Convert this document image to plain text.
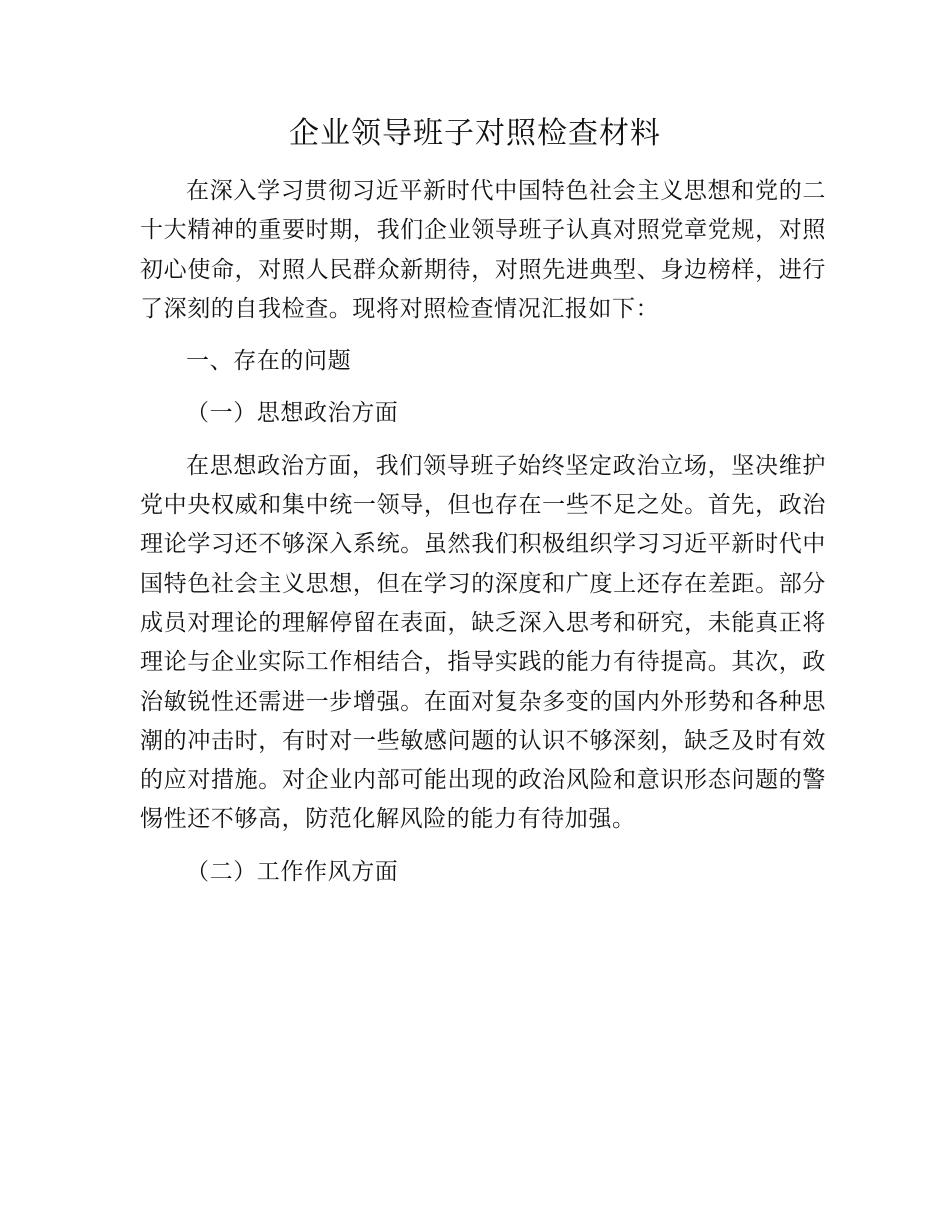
企业领导班子对照检查材料

在深入学习贯彻习近平新时代中国特色社会主义思想和党的二十大精神的重要时期，我们企业领导班子认真对照党章党规，对照初心使命，对照人民群众新期待，对照先进典型、身边榜样，进行了深刻的自我检查。现将对照检查情况汇报如下：

一、存在的问题

（一）思想政治方面

在思想政治方面，我们领导班子始终坚定政治立场，坚决维护党中央权威和集中统一领导，但也存在一些不足之处。首先，政治理论学习还不够深入系统。虽然我们积极组织学习习近平新时代中国特色社会主义思想，但在学习的深度和广度上还存在差距。部分成员对理论的理解停留在表面，缺乏深入思考和研究，未能真正将理论与企业实际工作相结合，指导实践的能力有待提高。其次，政治敏锐性还需进一步增强。在面对复杂多变的国内外形势和各种思潮的冲击时，有时对一些敏感问题的认识不够深刻，缺乏及时有效的应对措施。对企业内部可能出现的政治风险和意识形态问题的警惕性还不够高，防范化解风险的能力有待加强。

（二）工作作风方面
